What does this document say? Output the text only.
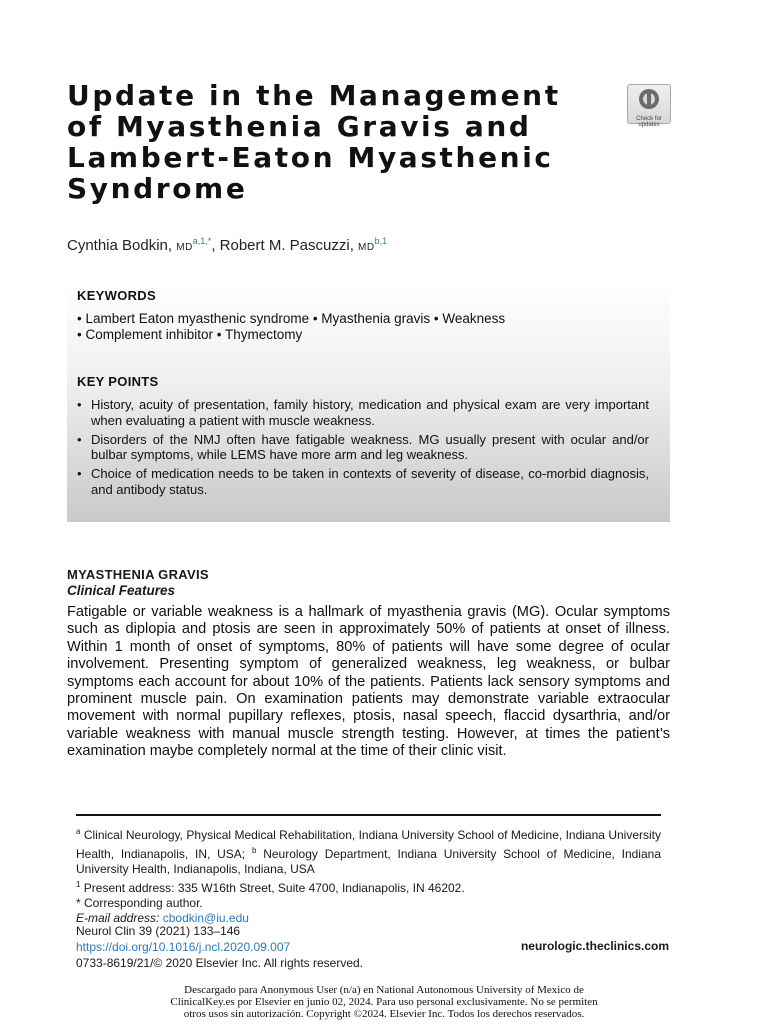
Update in the Management of Myasthenia Gravis and Lambert-Eaton Myasthenic Syndrome
Check for updates
Cynthia Bodkin, $MD^{a,1,*}$, Robert M. Pascuzzi, MD$^{b,1}$
KEYWORDS
• Lambert Eaton myasthenic syndrome • Myasthenia gravis • Weakness
• Complement inhibitor • Thymectomy
KEY POINTS
• History, acuity of presentation, family history, medication and physical exam are very important when evaluating a patient with muscle weakness.
• Disorders of the NMJ often have fatigable weakness. MG usually present with ocular and/or bulbar symptoms, while LEMS have more arm and leg weakness.
• Choice of medication needs to be taken in contexts of severity of disease, co-morbid diagnosis, and antibody status.
MYASTHENIA GRAVIS
Clinical Features

Fatigable or variable weakness is a hallmark of myasthenia gravis (MG). Ocular symptoms such as diplopia and ptosis are seen in approximately 50% of patients at onset of illness. Within 1 month of onset of symptoms, 80% of patients will have some degree of ocular involvement. Presenting symptom of generalized weakness, leg weakness, or bulbar symptoms each account for about 10% of the patients. Patients lack sensory symptoms and prominent muscle pain. On examination patients may demonstrate variable extraocular movement with normal pupillary reflexes, ptosis, nasal speech, flaccid dysarthria, and/or variable weakness with manual muscle strength testing. However, at times the patient’s examination maybe completely normal at the time of their clinic visit.

$^a$ Clinical Neurology, Physical Medical Rehabilitation, Indiana University School of Medicine, Indiana University Health, Indianapolis, IN, USA; $^b$ Neurology Department, Indiana University School of Medicine, Indiana University Health, Indianapolis, Indiana, USA

$^1$ Present address: 335 W16th Street, Suite 4700, Indianapolis, IN 46202.

* Corresponding author.

E-mail address: cbodkin@iu.edu

Neurol Clin 39 (2021) 133–146
https://doi.org/10.1016/j.ncl.2020.09.007
0733-8619/21/© 2020 Elsevier Inc. All rights reserved.
neurologic.theclinics.com
Descargado para Anonymous User (n/a) en National Autonomous University of Mexico de
ClinicalKey.es por Elsevier en junio 02, 2024. Para uso personal exclusivamente. No se permiten
otros usos sin autorización. Copyright ©2024. Elsevier Inc. Todos los derechos reservados.
